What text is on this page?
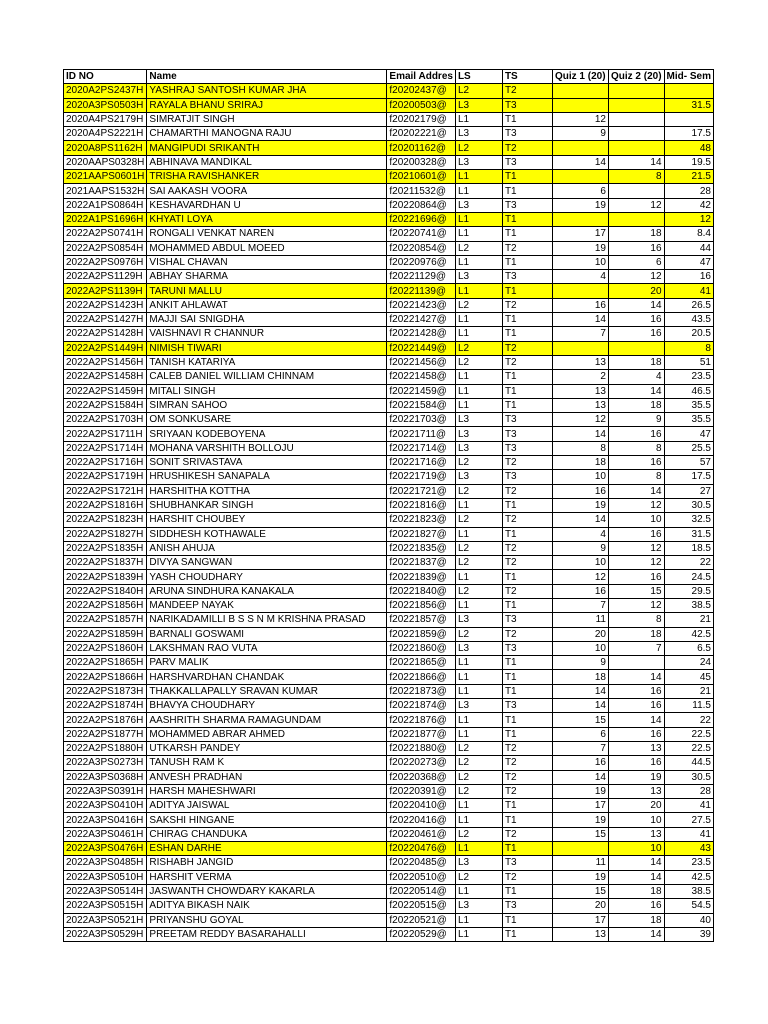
ID NO	Name	Email Addres	LS	TS	Quiz 1 (20)	Quiz 2 (20)	Mid- Sem
2020A2PS2437H	YASHRAJ SANTOSH KUMAR JHA	f20202437@	L2	T2			
2020A3PS0503H	RAYALA BHANU SRIRAJ	f20200503@	L3	T3			31.5
2020A4PS2179H	SIMRATJIT SINGH	f20202179@	L1	T1	12		
2020A4PS2221H	CHAMARTHI MANOGNA RAJU	f20202221@	L3	T3	9		17.5
2020A8PS1162H	MANGIPUDI SRIKANTH	f20201162@	L2	T2			48
2020AAPS0328H	ABHINAVA MANDIKAL	f20200328@	L3	T3	14	14	19.5
2021AAPS0601H	TRISHA RAVISHANKER	f20210601@	L1	T1		8	21.5
2021AAPS1532H	SAI AAKASH VOORA	f20211532@	L1	T1	6		28
2022A1PS0864H	KESHAVARDHAN U	f20220864@	L3	T3	19	12	42
2022A1PS1696H	KHYATI LOYA	f20221696@	L1	T1			12
2022A2PS0741H	RONGALI VENKAT NAREN	f20220741@	L1	T1	17	18	8.4
2022A2PS0854H	MOHAMMED ABDUL MOEED	f20220854@	L2	T2	19	16	44
2022A2PS0976H	VISHAL CHAVAN	f20220976@	L1	T1	10	6	47
2022A2PS1129H	ABHAY SHARMA	f20221129@	L3	T3	4	12	16
2022A2PS1139H	TARUNI MALLU	f20221139@	L1	T1		20	41
2022A2PS1423H	ANKIT AHLAWAT	f20221423@	L2	T2	16	14	26.5
2022A2PS1427H	MAJJI SAI SNIGDHA	f20221427@	L1	T1	14	16	43.5
2022A2PS1428H	VAISHNAVI R CHANNUR	f20221428@	L1	T1	7	16	20.5
2022A2PS1449H	NIMISH TIWARI	f20221449@	L2	T2			8
2022A2PS1456H	TANISH KATARIYA	f20221456@	L2	T2	13	18	51
2022A2PS1458H	CALEB DANIEL WILLIAM CHINNAM	f20221458@	L1	T1	2	4	23.5
2022A2PS1459H	MITALI SINGH	f20221459@	L1	T1	13	14	46.5
2022A2PS1584H	SIMRAN SAHOO	f20221584@	L1	T1	13	18	35.5
2022A2PS1703H	OM SONKUSARE	f20221703@	L3	T3	12	9	35.5
2022A2PS1711H	SRIYAAN KODEBOYENA	f20221711@	L3	T3	14	16	47
2022A2PS1714H	MOHANA VARSHITH BOLLOJU	f20221714@	L3	T3	8	8	25.5
2022A2PS1716H	SONIT SRIVASTAVA	f20221716@	L2	T2	18	16	57
2022A2PS1719H	HRUSHIKESH SANAPALA	f20221719@	L3	T3	10	8	17.5
2022A2PS1721H	HARSHITHA KOTTHA	f20221721@	L2	T2	16	14	27
2022A2PS1816H	SHUBHANKAR SINGH	f20221816@	L1	T1	19	12	30.5
2022A2PS1823H	HARSHIT CHOUBEY	f20221823@	L2	T2	14	10	32.5
2022A2PS1827H	SIDDHESH KOTHAWALE	f20221827@	L1	T1	4	16	31.5
2022A2PS1835H	ANISH AHUJA	f20221835@	L2	T2	9	12	18.5
2022A2PS1837H	DIVYA SANGWAN	f20221837@	L2	T2	10	12	22
2022A2PS1839H	YASH CHOUDHARY	f20221839@	L1	T1	12	16	24.5
2022A2PS1840H	ARUNA SINDHURA KANAKALA	f20221840@	L2	T2	16	15	29.5
2022A2PS1856H	MANDEEP NAYAK	f20221856@	L1	T1	7	12	38.5
2022A2PS1857H	NARIKADAMILLI B S S N M KRISHNA PRASAD	f20221857@	L3	T3	11	8	21
2022A2PS1859H	BARNALI GOSWAMI	f20221859@	L2	T2	20	18	42.5
2022A2PS1860H	LAKSHMAN RAO VUTA	f20221860@	L3	T3	10	7	6.5
2022A2PS1865H	PARV MALIK	f20221865@	L1	T1	9		24
2022A2PS1866H	HARSHVARDHAN CHANDAK	f20221866@	L1	T1	18	14	45
2022A2PS1873H	THAKKALLAPALLY SRAVAN KUMAR	f20221873@	L1	T1	14	16	21
2022A2PS1874H	BHAVYA CHOUDHARY	f20221874@	L3	T3	14	16	11.5
2022A2PS1876H	AASHRITH SHARMA RAMAGUNDAM	f20221876@	L1	T1	15	14	22
2022A2PS1877H	MOHAMMED ABRAR AHMED	f20221877@	L1	T1	6	16	22.5
2022A2PS1880H	UTKARSH PANDEY	f20221880@	L2	T2	7	13	22.5
2022A3PS0273H	TANUSH RAM K	f20220273@	L2	T2	16	16	44.5
2022A3PS0368H	ANVESH PRADHAN	f20220368@	L2	T2	14	19	30.5
2022A3PS0391H	HARSH MAHESHWARI	f20220391@	L2	T2	19	13	28
2022A3PS0410H	ADITYA JAISWAL	f20220410@	L1	T1	17	20	41
2022A3PS0416H	SAKSHI HINGANE	f20220416@	L1	T1	19	10	27.5
2022A3PS0461H	CHIRAG CHANDUKA	f20220461@	L2	T2	15	13	41
2022A3PS0476H	ESHAN DARHE	f20220476@	L1	T1		10	43
2022A3PS0485H	RISHABH JANGID	f20220485@	L3	T3	11	14	23.5
2022A3PS0510H	HARSHIT VERMA	f20220510@	L2	T2	19	14	42.5
2022A3PS0514H	JASWANTH CHOWDARY KAKARLA	f20220514@	L1	T1	15	18	38.5
2022A3PS0515H	ADITYA BIKASH NAIK	f20220515@	L3	T3	20	16	54.5
2022A3PS0521H	PRIYANSHU GOYAL	f20220521@	L1	T1	17	18	40
2022A3PS0529H	PREETAM REDDY BASARAHALLI	f20220529@	L1	T1	13	14	39
